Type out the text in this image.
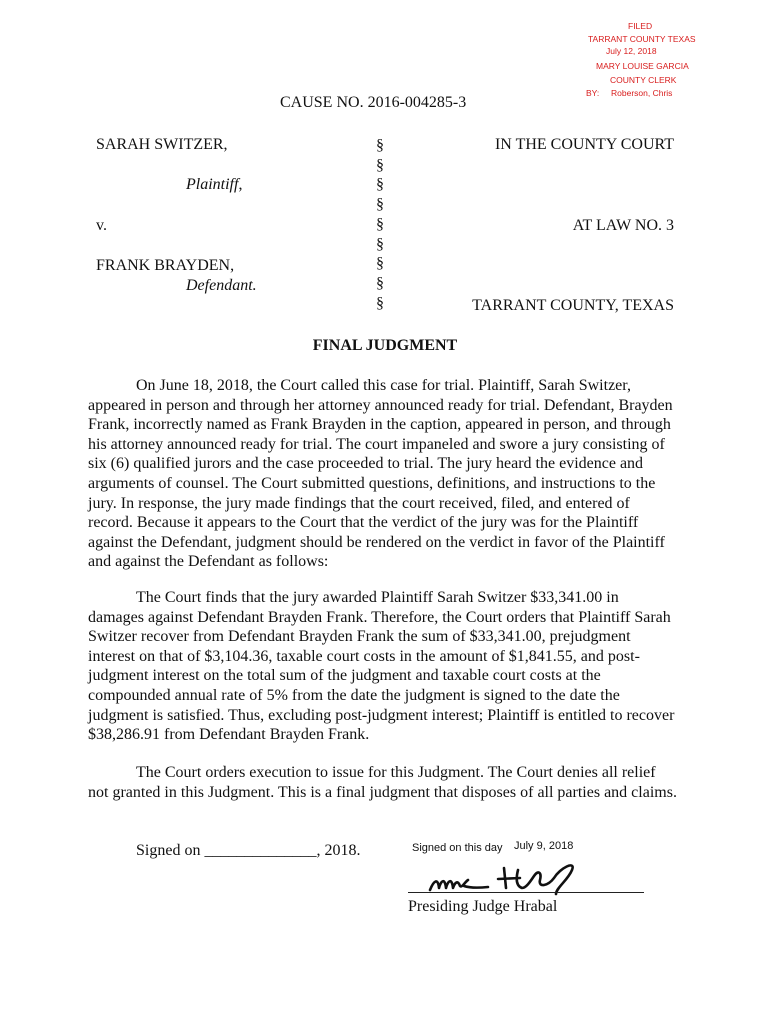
FILED
TARRANT COUNTY TEXAS
July 12, 2018
MARY LOUISE GARCIA
COUNTY CLERK
BY: Roberson, Chris
CAUSE NO. 2016-004285-3
SARAH SWITZER,
Plaintiff,
v.
FRANK BRAYDEN,
Defendant.
§
§
§
§
§
§
§
§
§
IN THE COUNTY COURT
AT LAW NO. 3
TARRANT COUNTY, TEXAS
FINAL JUDGMENT

On June 18, 2018, the Court called this case for trial. Plaintiff, Sarah Switzer, appeared in person and through her attorney announced ready for trial. Defendant, Brayden Frank, incorrectly named as Frank Brayden in the caption, appeared in person, and through his attorney announced ready for trial. The court impaneled and swore a jury consisting of six (6) qualified jurors and the case proceeded to trial. The jury heard the evidence and arguments of counsel. The Court submitted questions, definitions, and instructions to the jury. In response, the jury made findings that the court received, filed, and entered of record. Because it appears to the Court that the verdict of the jury was for the Plaintiff against the Defendant, judgment should be rendered on the verdict in favor of the Plaintiff and against the Defendant as follows:

The Court finds that the jury awarded Plaintiff Sarah Switzer $33,341.00 in damages against Defendant Brayden Frank. Therefore, the Court orders that Plaintiff Sarah Switzer recover from Defendant Brayden Frank the sum of $33,341.00, prejudgment interest on that of $3,104.36, taxable court costs in the amount of $1,841.55, and post-judgment interest on the total sum of the judgment and taxable court costs at the compounded annual rate of 5% from the date the judgment is signed to the date the judgment is satisfied. Thus, excluding post-judgment interest; Plaintiff is entitled to recover $38,286.91 from Defendant Brayden Frank.

The Court orders execution to issue for this Judgment. The Court denies all relief not granted in this Judgment. This is a final judgment that disposes of all parties and claims.

Signed on ______________, 2018.	Signed on this day July 9, 2018
Presiding Judge Hrabal
